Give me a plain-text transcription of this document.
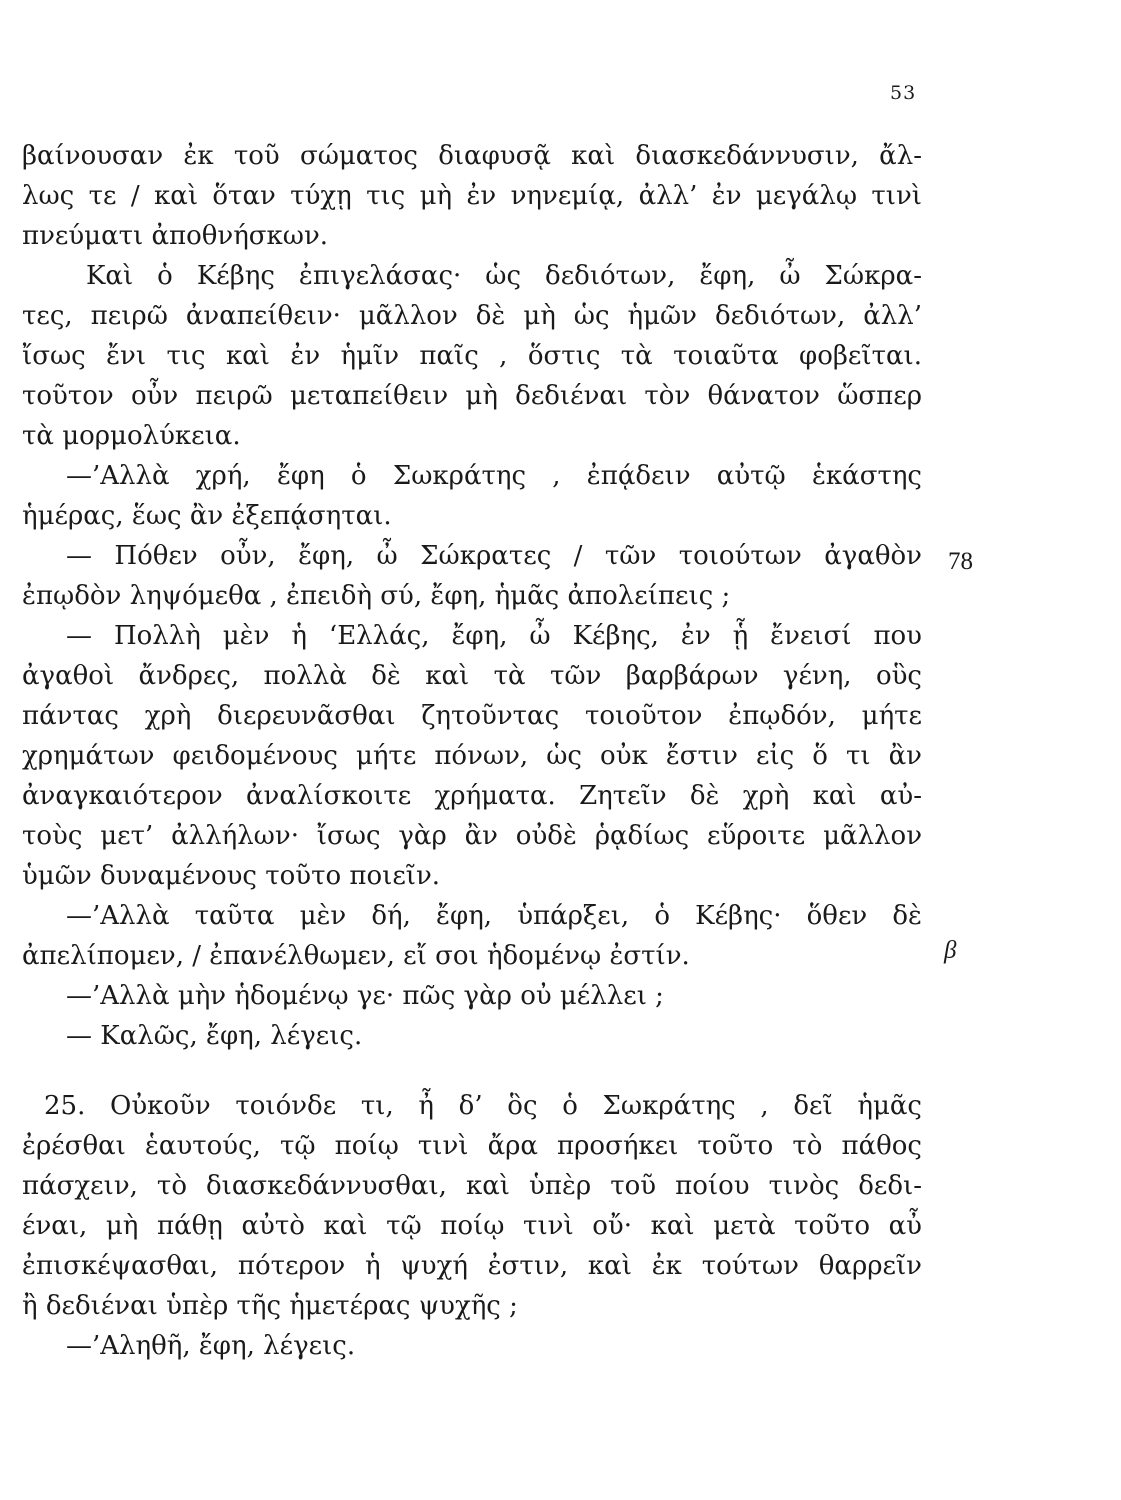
53
βαίνουσαν ἐκ τοῦ σώματος διαφυσᾷ καὶ διασκεδάννυσιν, ἄλ-
λως τε / καὶ ὅταν τύχῃ τις μὴ ἐν νηνεμίᾳ, ἀλλ’ ἐν μεγάλῳ τινὶ
πνεύματι ἀποθνήσκων.
Καὶ ὁ Κέβης ἐπιγελάσας· ὡς δεδιότων, ἔφη, ὦ Σώκρα-
τες, πειρῶ ἀναπείθειν· μᾶλλον δὲ μὴ ὡς ἡμῶν δεδιότων, ἀλλ’
ἴσως ἔνι τις καὶ ἐν ἡμῖν παῖς , ὅστις τὰ τοιαῦτα φοβεῖται.
τοῦτον οὖν πειρῶ μεταπείθειν μὴ δεδιέναι τὸν θάνατον ὥσπερ
τὰ μορμολύκεια.
—’Αλλὰ χρή, ἔφη ὁ Σωκράτης , ἐπᾴδειν αὐτῷ ἑκάστης
ἡμέρας, ἕως ἂν ἐξεπᾴσηται.
— Πόθεν οὖν, ἔφη, ὦ Σώκρατες / τῶν τοιούτων ἀγαθὸν
ἐπῳδὸν ληψόμεθα , ἐπειδὴ σύ, ἔφη, ἡμᾶς ἀπολείπεις ;
— Πολλὴ μὲν ἡ ‘Ελλάς, ἔφη, ὦ Κέβης, ἐν ᾗ ἔνεισί που
ἀγαθοὶ ἄνδρες, πολλὰ δὲ καὶ τὰ τῶν βαρβάρων γένη, οὓς
πάντας χρὴ διερευνᾶσθαι ζητοῦντας τοιοῦτον ἐπῳδόν, μήτε
χρημάτων φειδομένους μήτε πόνων, ὡς οὐκ ἔστιν εἰς ὅ τι ἂν
ἀναγκαιότερον ἀναλίσκοιτε χρήματα. Ζητεῖν δὲ χρὴ καὶ αὐ-
τοὺς μετ’ ἀλλήλων· ἴσως γὰρ ἂν οὐδὲ ῥᾳδίως εὕροιτε μᾶλλον
ὑμῶν δυναμένους τοῦτο ποιεῖν.
—’Αλλὰ ταῦτα μὲν δή, ἔφη, ὑπάρξει, ὁ Κέβης· ὅθεν δὲ
ἀπελίπομεν, / ἐπανέλθωμεν, εἴ σοι ἡδομένῳ ἐστίν.
—’Αλλὰ μὴν ἡδομένῳ γε· πῶς γὰρ οὐ μέλλει ;
— Καλῶς, ἔφη, λέγεις.
25. Οὐκοῦν τοιόνδε τι, ἦ δ’ ὃς ὁ Σωκράτης , δεῖ ἡμᾶς
ἐρέσθαι ἑαυτούς, τῷ ποίῳ τινὶ ἄρα προσήκει τοῦτο τὸ πάθος
πάσχειν, τὸ διασκεδάννυσθαι, καὶ ὑπὲρ τοῦ ποίου τινὸς δεδι-
έναι, μὴ πάθῃ αὐτὸ καὶ τῷ ποίῳ τινὶ οὔ· καὶ μετὰ τοῦτο αὖ
ἐπισκέψασθαι, πότερον ἡ ψυχή ἐστιν, καὶ ἐκ τούτων θαρρεῖν
ἢ δεδιέναι ὑπὲρ τῆς ἡμετέρας ψυχῆς ;
—’Αληθῆ, ἔφη, λέγεις.
78
β
